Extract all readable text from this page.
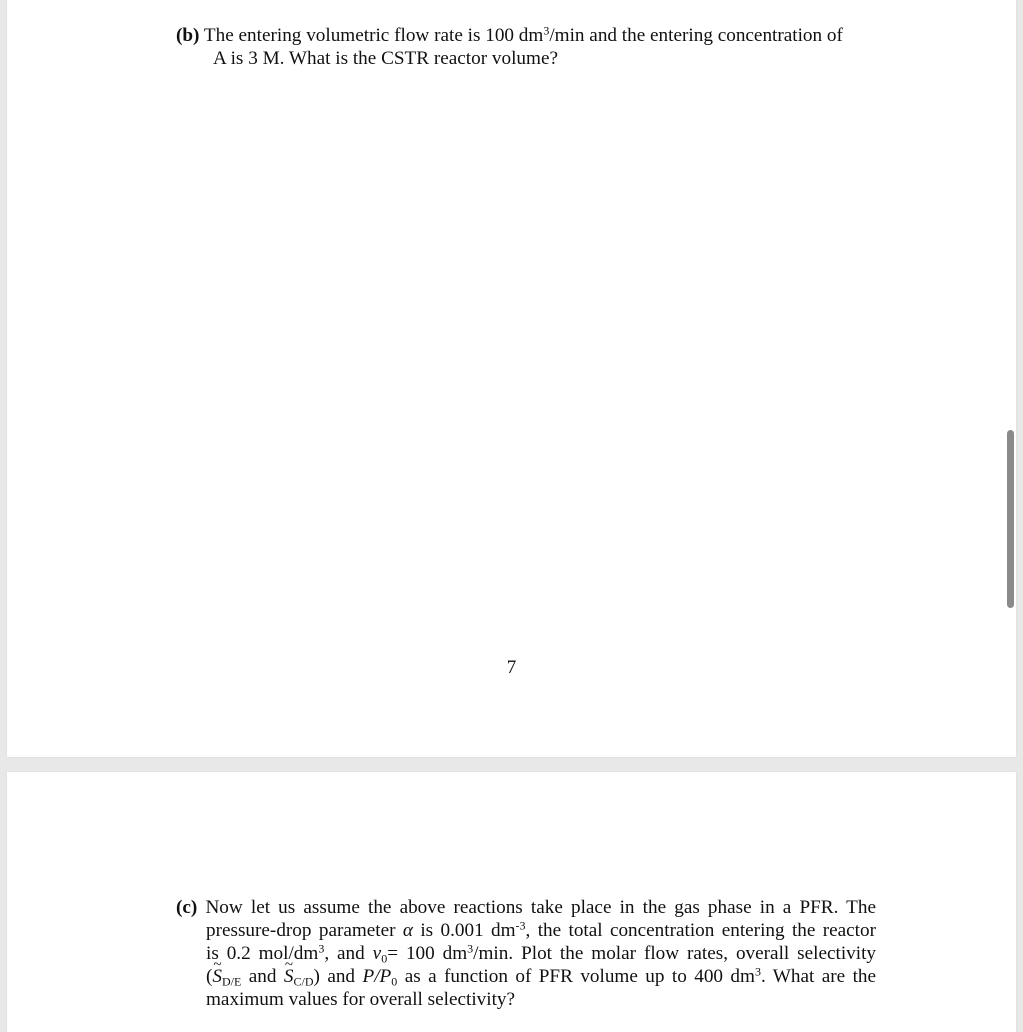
(b) The entering volumetric flow rate is 100 $dm^3/\min$ and the entering concentration of
A is 3 M. What is the CSTR reactor volume?
7
(c) Now let us assume the above reactions take place in the gas phase in a PFR. The
pressure-drop parameter α is 0.001 $dm^{-3}$, the total concentration entering the reactor
is 0.2 mol/$dm^3$, and $v_0= 100$ $dm^3/\min$. Plot the molar flow rates, overall selectivity
(~ $S_{D/E}$ and ~ $S_{C/D}$) and $P/P_0$ as a function of PFR volume up to 400 $dm^3$. What are the
maximum values for overall selectivity?
